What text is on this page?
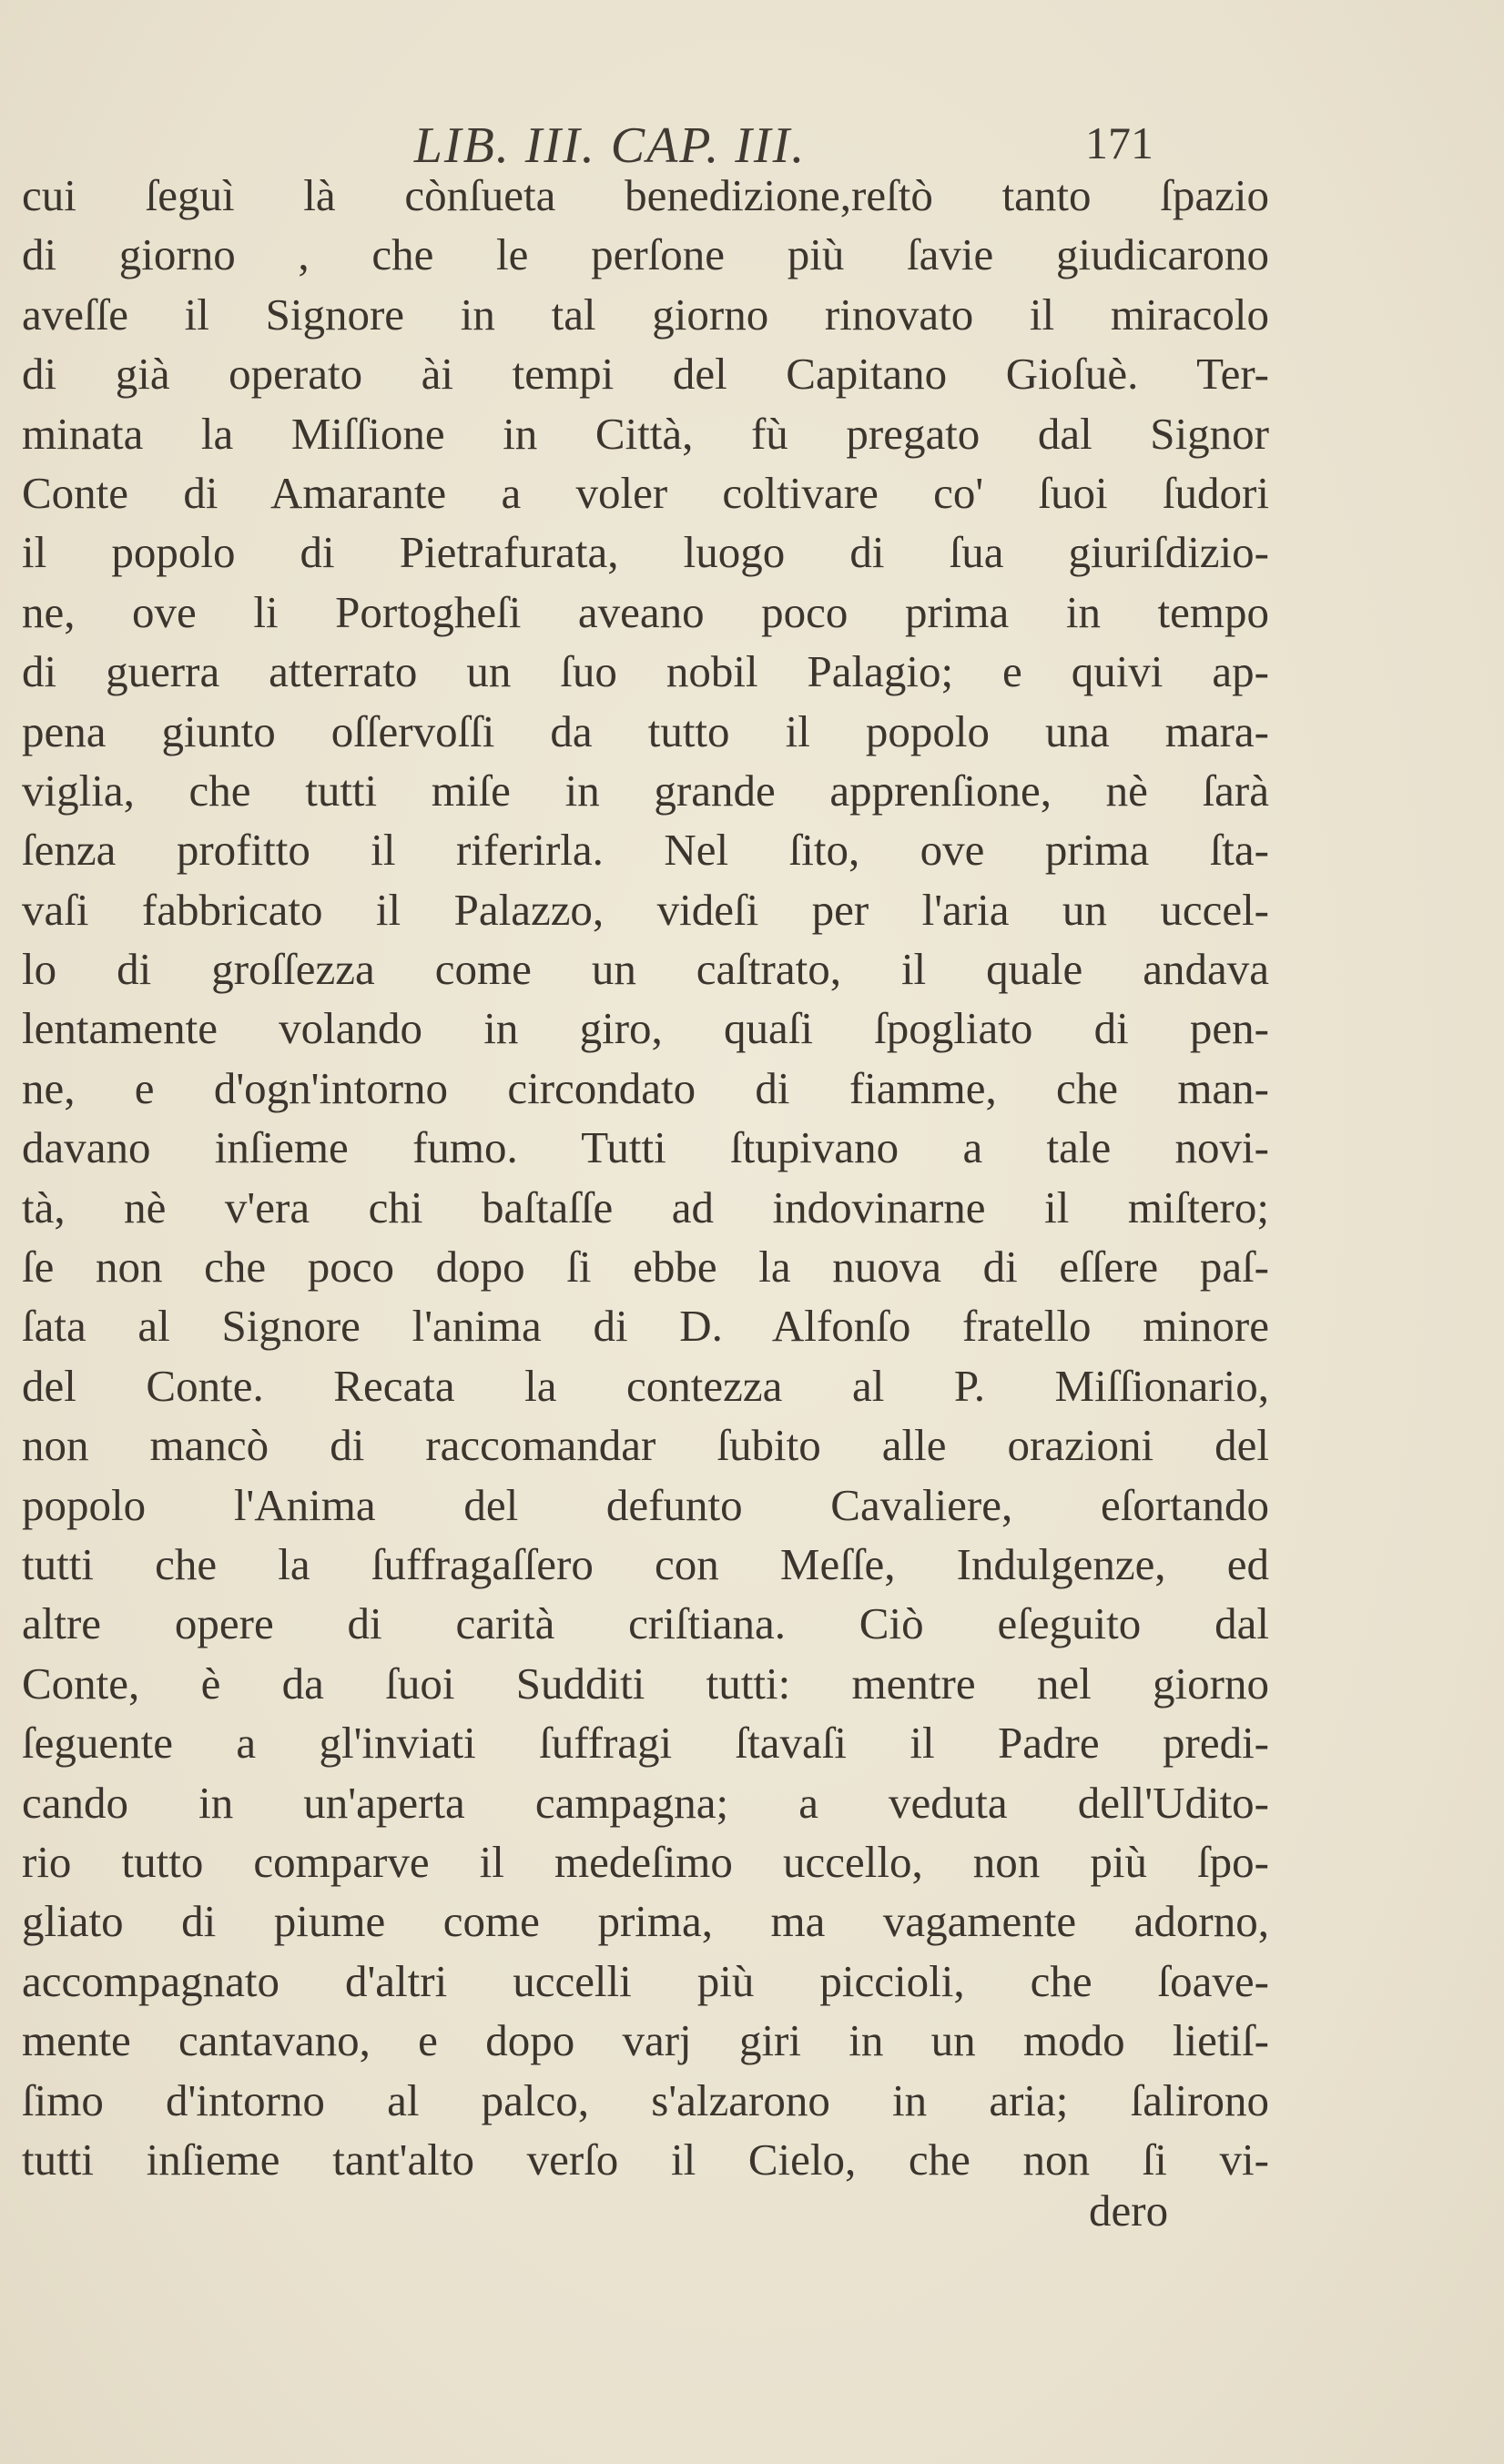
LIB. III. CAP. III.	171
cui ſeguì là cònſueta benedizione,reſtò tanto ſpazio
di giorno , che le perſone più ſavie giudicarono
aveſſe il Signore in tal giorno rinovato il miracolo
di già operato ài tempi del Capitano Gioſuè. Ter-
minata la Miſſione in Città, fù pregato dal Signor
Conte di Amarante a voler coltivare co' ſuoi ſudori
il popolo di Pietrafurata, luogo di ſua giuriſdizio-
ne, ove li Portogheſi aveano poco prima in tempo
di guerra atterrato un ſuo nobil Palagio; e quivi ap-
pena giunto oſſervoſſi da tutto il popolo una mara-
viglia, che tutti miſe in grande apprenſione, nè ſarà
ſenza profitto il riferirla. Nel ſito, ove prima ſta-
vaſi fabbricato il Palazzo, videſi per l'aria un uccel-
lo di groſſezza come un caſtrato, il quale andava
lentamente volando in giro, quaſi ſpogliato di pen-
ne, e d'ogn'intorno circondato di fiamme, che man-
davano inſieme fumo. Tutti ſtupivano a tale novi-
tà, nè v'era chi baſtaſſe ad indovinarne il miſtero;
ſe non che poco dopo ſi ebbe la nuova di eſſere paſ-
ſata al Signore l'anima di D. Alfonſo fratello minore
del Conte. Recata la contezza al P. Miſſionario,
non mancò di raccomandar ſubito alle orazioni del
popolo l'Anima del defunto Cavaliere, eſortando
tutti che la ſuffragaſſero con Meſſe, Indulgenze, ed
altre opere di carità criſtiana. Ciò eſeguito dal
Conte, è da ſuoi Sudditi tutti: mentre nel giorno
ſeguente a gl'inviati ſuffragi ſtavaſi il Padre predi-
cando in un'aperta campagna; a veduta dell'Udito-
rio tutto comparve il medeſimo uccello, non più ſpo-
gliato di piume come prima, ma vagamente adorno,
accompagnato d'altri uccelli più piccioli, che ſoave-
mente cantavano, e dopo varj giri in un modo lietiſ-
ſimo d'intorno al palco, s'alzarono in aria; ſalirono
tutti inſieme tant'alto verſo il Cielo, che non ſi vi-
dero
